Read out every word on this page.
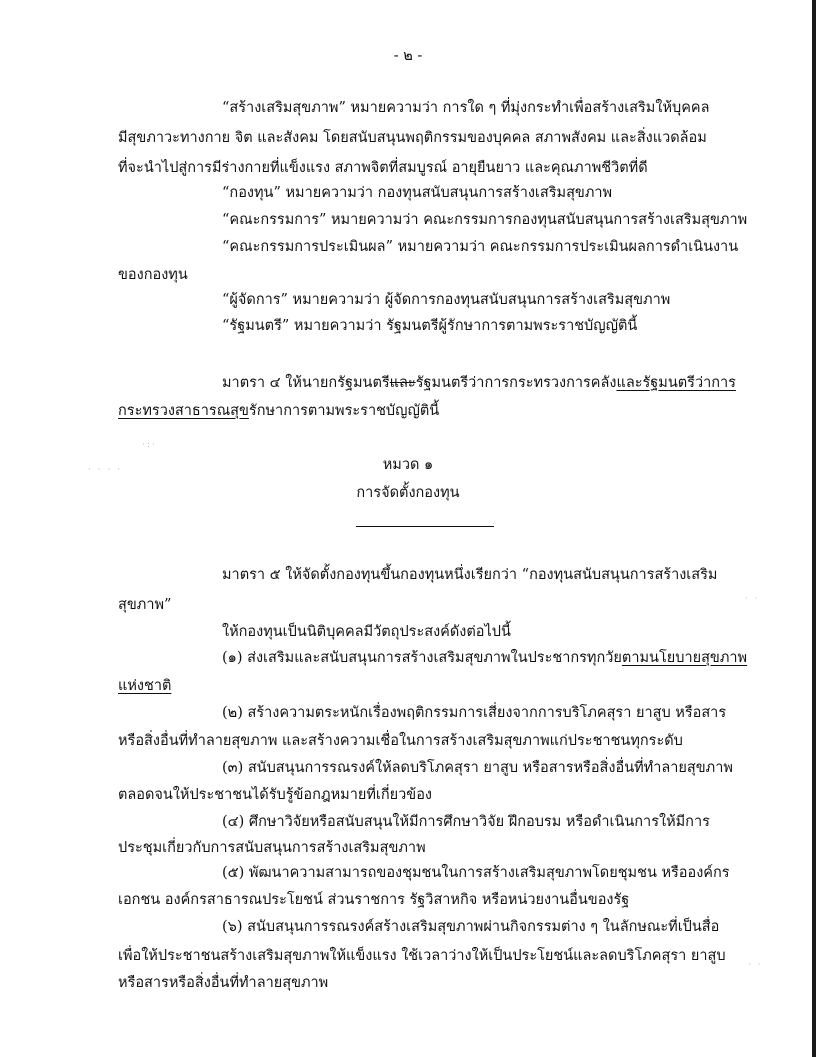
- ๒ -
“สร้างเสริมสุขภาพ” หมายความว่า การใด ๆ ที่มุ่งกระทำเพื่อสร้างเสริมให้บุคคล
มีสุขภาวะทางกาย จิต และสังคม โดยสนับสนุนพฤติกรรมของบุคคล สภาพสังคม และสิ่งแวดล้อม
ที่จะนำไปสู่การมีร่างกายที่แข็งแรง สภาพจิตที่สมบูรณ์ อายุยืนยาว และคุณภาพชีวิตที่ดี
“กองทุน” หมายความว่า กองทุนสนับสนุนการสร้างเสริมสุขภาพ
“คณะกรรมการ” หมายความว่า คณะกรรมการกองทุนสนับสนุนการสร้างเสริมสุขภาพ
“คณะกรรมการประเมินผล” หมายความว่า คณะกรรมการประเมินผลการดำเนินงาน
ของกองทุน
“ผู้จัดการ” หมายความว่า ผู้จัดการกองทุนสนับสนุนการสร้างเสริมสุขภาพ
“รัฐมนตรี” หมายความว่า รัฐมนตรีผู้รักษาการตามพระราชบัญญัตินี้
มาตรา ๔ ให้นายกรัฐมนตรีและรัฐมนตรีว่าการกระทรวงการคลังและรัฐมนตรีว่าการ
กระทรวงสาธารณสุขรักษาการตามพระราชบัญญัตินี้
หมวด ๑
การจัดตั้งกองทุน
มาตรา ๕ ให้จัดตั้งกองทุนขึ้นกองทุนหนึ่งเรียกว่า “กองทุนสนับสนุนการสร้างเสริม
สุขภาพ”
ให้กองทุนเป็นนิติบุคคลมีวัตถุประสงค์ดังต่อไปนี้
(๑) ส่งเสริมและสนับสนุนการสร้างเสริมสุขภาพในประชากรทุกวัยตามนโยบายสุขภาพ
แห่งชาติ
(๒) สร้างความตระหนักเรื่องพฤติกรรมการเสี่ยงจากการบริโภคสุรา ยาสูบ หรือสาร
หรือสิ่งอื่นที่ทำลายสุขภาพ และสร้างความเชื่อในการสร้างเสริมสุขภาพแก่ประชาชนทุกระดับ
(๓) สนับสนุนการรณรงค์ให้ลดบริโภคสุรา ยาสูบ หรือสารหรือสิ่งอื่นที่ทำลายสุขภาพ
ตลอดจนให้ประชาชนได้รับรู้ข้อกฎหมายที่เกี่ยวข้อง
(๔) ศึกษาวิจัยหรือสนับสนุนให้มีการศึกษาวิจัย ฝึกอบรม หรือดำเนินการให้มีการ
ประชุมเกี่ยวกับการสนับสนุนการสร้างเสริมสุขภาพ
(๕) พัฒนาความสามารถของชุมชนในการสร้างเสริมสุขภาพโดยชุมชน หรือองค์กร
เอกชน องค์กรสาธารณประโยชน์ ส่วนราชการ รัฐวิสาหกิจ หรือหน่วยงานอื่นของรัฐ
(๖) สนับสนุนการรณรงค์สร้างเสริมสุขภาพผ่านกิจกรรมต่าง ๆ ในลักษณะที่เป็นสื่อ
เพื่อให้ประชาชนสร้างเสริมสุขภาพให้แข็งแรง ใช้เวลาว่างให้เป็นประโยชน์และลดบริโภคสุรา ยาสูบ
หรือสารหรือสิ่งอื่นที่ทำลายสุขภาพ
·:·
· · · ·
· ·
· ·
